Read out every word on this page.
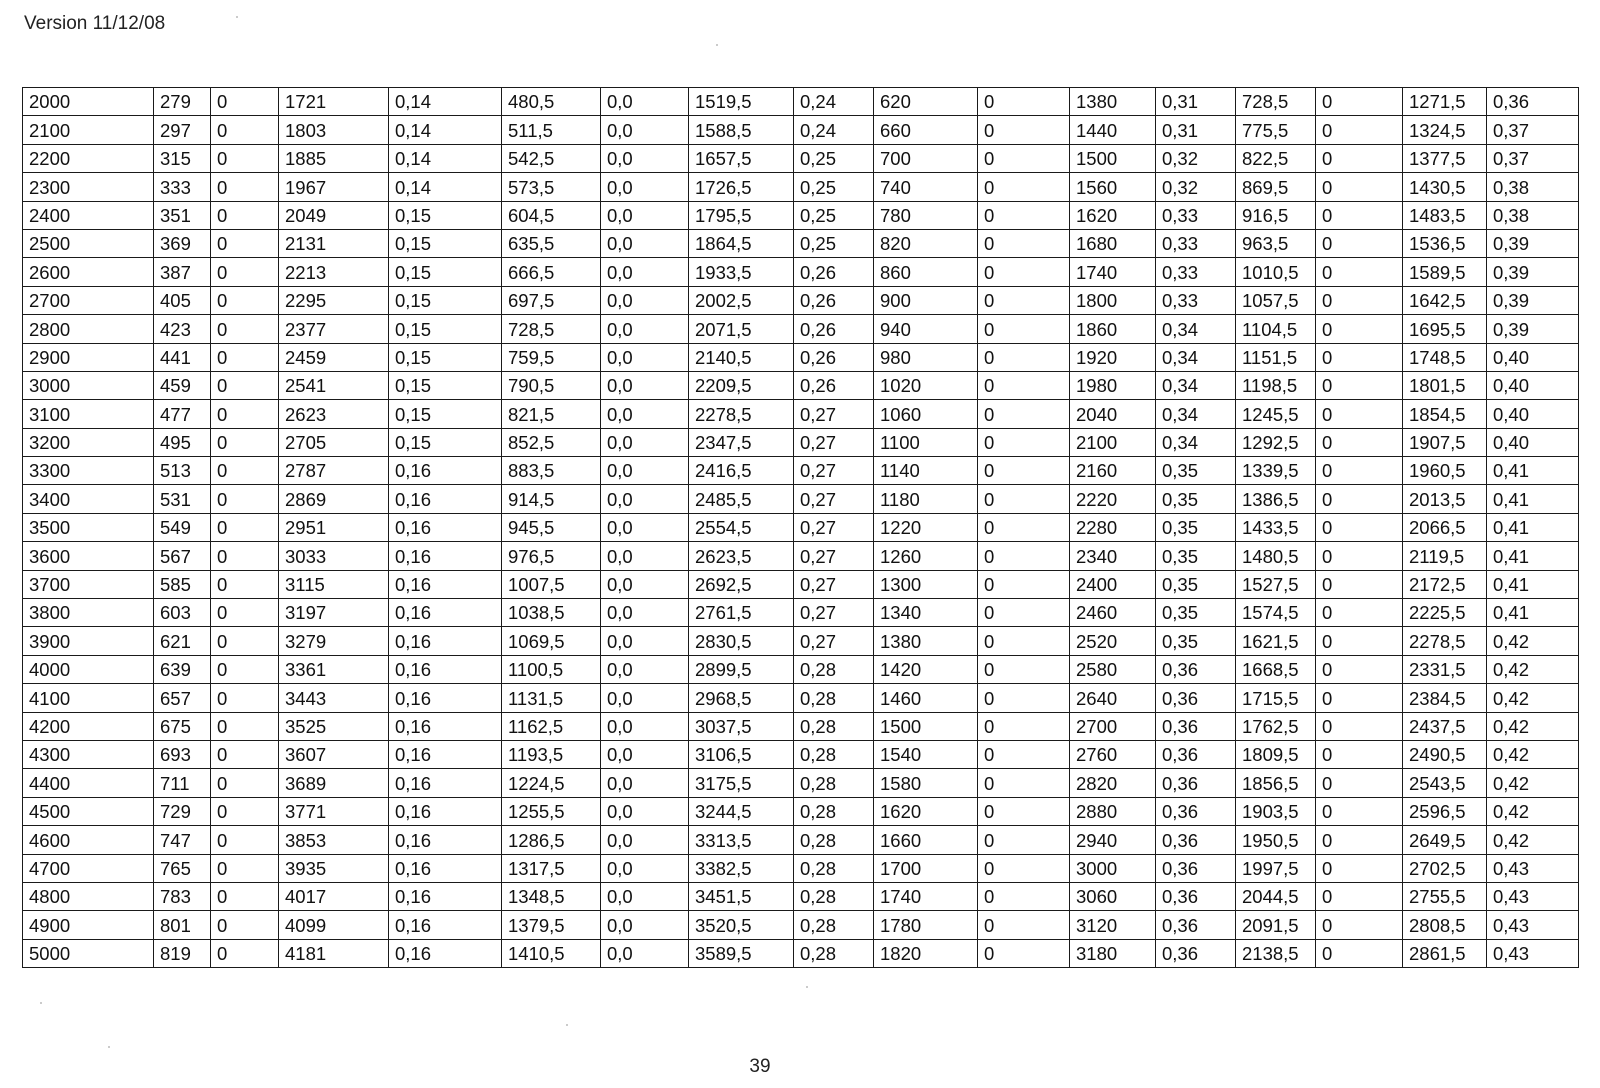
Version 11/12/08
2000	279	0	1721	0,14	480,5	0,0	1519,5	0,24	620	0	1380	0,31	728,5	0	1271,5	0,36
2100	297	0	1803	0,14	511,5	0,0	1588,5	0,24	660	0	1440	0,31	775,5	0	1324,5	0,37
2200	315	0	1885	0,14	542,5	0,0	1657,5	0,25	700	0	1500	0,32	822,5	0	1377,5	0,37
2300	333	0	1967	0,14	573,5	0,0	1726,5	0,25	740	0	1560	0,32	869,5	0	1430,5	0,38
2400	351	0	2049	0,15	604,5	0,0	1795,5	0,25	780	0	1620	0,33	916,5	0	1483,5	0,38
2500	369	0	2131	0,15	635,5	0,0	1864,5	0,25	820	0	1680	0,33	963,5	0	1536,5	0,39
2600	387	0	2213	0,15	666,5	0,0	1933,5	0,26	860	0	1740	0,33	1010,5	0	1589,5	0,39
2700	405	0	2295	0,15	697,5	0,0	2002,5	0,26	900	0	1800	0,33	1057,5	0	1642,5	0,39
2800	423	0	2377	0,15	728,5	0,0	2071,5	0,26	940	0	1860	0,34	1104,5	0	1695,5	0,39
2900	441	0	2459	0,15	759,5	0,0	2140,5	0,26	980	0	1920	0,34	1151,5	0	1748,5	0,40
3000	459	0	2541	0,15	790,5	0,0	2209,5	0,26	1020	0	1980	0,34	1198,5	0	1801,5	0,40
3100	477	0	2623	0,15	821,5	0,0	2278,5	0,27	1060	0	2040	0,34	1245,5	0	1854,5	0,40
3200	495	0	2705	0,15	852,5	0,0	2347,5	0,27	1100	0	2100	0,34	1292,5	0	1907,5	0,40
3300	513	0	2787	0,16	883,5	0,0	2416,5	0,27	1140	0	2160	0,35	1339,5	0	1960,5	0,41
3400	531	0	2869	0,16	914,5	0,0	2485,5	0,27	1180	0	2220	0,35	1386,5	0	2013,5	0,41
3500	549	0	2951	0,16	945,5	0,0	2554,5	0,27	1220	0	2280	0,35	1433,5	0	2066,5	0,41
3600	567	0	3033	0,16	976,5	0,0	2623,5	0,27	1260	0	2340	0,35	1480,5	0	2119,5	0,41
3700	585	0	3115	0,16	1007,5	0,0	2692,5	0,27	1300	0	2400	0,35	1527,5	0	2172,5	0,41
3800	603	0	3197	0,16	1038,5	0,0	2761,5	0,27	1340	0	2460	0,35	1574,5	0	2225,5	0,41
3900	621	0	3279	0,16	1069,5	0,0	2830,5	0,27	1380	0	2520	0,35	1621,5	0	2278,5	0,42
4000	639	0	3361	0,16	1100,5	0,0	2899,5	0,28	1420	0	2580	0,36	1668,5	0	2331,5	0,42
4100	657	0	3443	0,16	1131,5	0,0	2968,5	0,28	1460	0	2640	0,36	1715,5	0	2384,5	0,42
4200	675	0	3525	0,16	1162,5	0,0	3037,5	0,28	1500	0	2700	0,36	1762,5	0	2437,5	0,42
4300	693	0	3607	0,16	1193,5	0,0	3106,5	0,28	1540	0	2760	0,36	1809,5	0	2490,5	0,42
4400	711	0	3689	0,16	1224,5	0,0	3175,5	0,28	1580	0	2820	0,36	1856,5	0	2543,5	0,42
4500	729	0	3771	0,16	1255,5	0,0	3244,5	0,28	1620	0	2880	0,36	1903,5	0	2596,5	0,42
4600	747	0	3853	0,16	1286,5	0,0	3313,5	0,28	1660	0	2940	0,36	1950,5	0	2649,5	0,42
4700	765	0	3935	0,16	1317,5	0,0	3382,5	0,28	1700	0	3000	0,36	1997,5	0	2702,5	0,43
4800	783	0	4017	0,16	1348,5	0,0	3451,5	0,28	1740	0	3060	0,36	2044,5	0	2755,5	0,43
4900	801	0	4099	0,16	1379,5	0,0	3520,5	0,28	1780	0	3120	0,36	2091,5	0	2808,5	0,43
5000	819	0	4181	0,16	1410,5	0,0	3589,5	0,28	1820	0	3180	0,36	2138,5	0	2861,5	0,43
39
